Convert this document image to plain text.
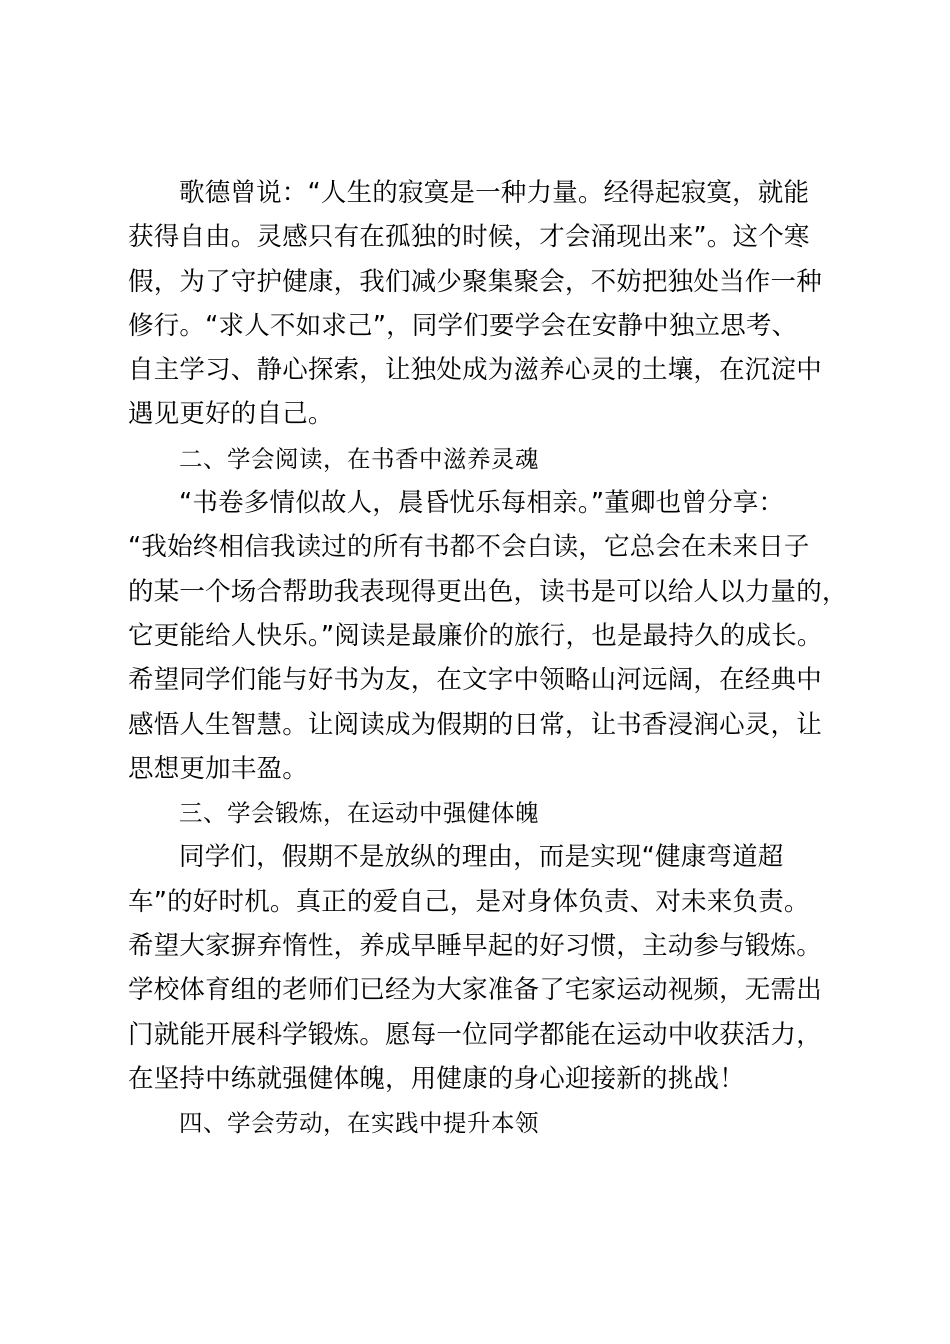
歌德曾说：“人生的寂寞是一种力量。经得起寂寞，就能
获得自由。灵感只有在孤独的时候，才会涌现出来”。这个寒
假，为了守护健康，我们减少聚集聚会，不妨把独处当作一种
修行。“求人不如求己”，同学们要学会在安静中独立思考、
自主学习、静心探索，让独处成为滋养心灵的土壤，在沉淀中
遇见更好的自己。

二、学会阅读，在书香中滋养灵魂

“书卷多情似故人，晨昏忧乐每相亲。”董卿也曾分享：
“我始终相信我读过的所有书都不会白读，它总会在未来日子
的某一个场合帮助我表现得更出色，读书是可以给人以力量的，
它更能给人快乐。”阅读是最廉价的旅行，也是最持久的成长。
希望同学们能与好书为友，在文字中领略山河远阔，在经典中
感悟人生智慧。让阅读成为假期的日常，让书香浸润心灵，让
思想更加丰盈。

三、学会锻炼，在运动中强健体魄

同学们，假期不是放纵的理由，而是实现“健康弯道超
车”的好时机。真正的爱自己，是对身体负责、对未来负责。
希望大家摒弃惰性，养成早睡早起的好习惯，主动参与锻炼。
学校体育组的老师们已经为大家准备了宅家运动视频，无需出
门就能开展科学锻炼。愿每一位同学都能在运动中收获活力，
在坚持中练就强健体魄，用健康的身心迎接新的挑战！

四、学会劳动，在实践中提升本领
